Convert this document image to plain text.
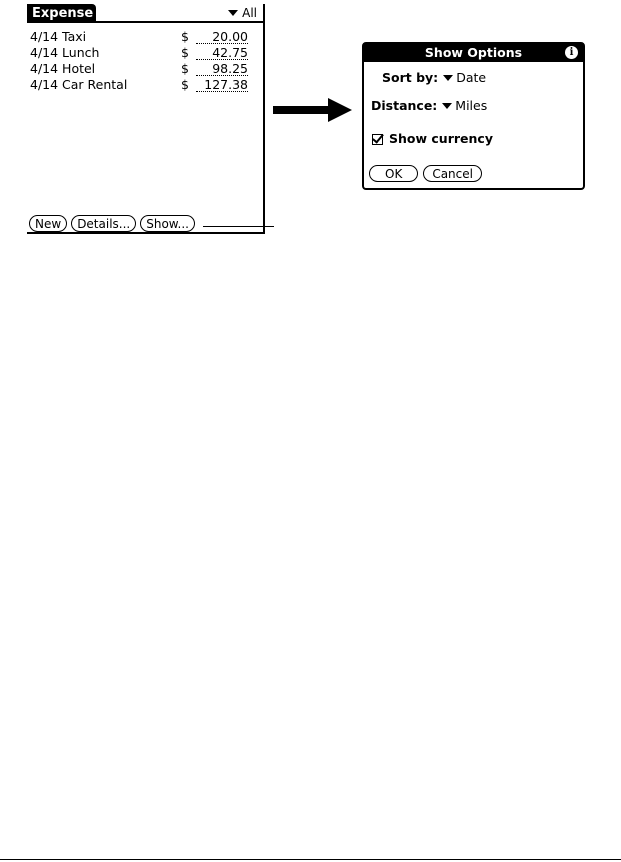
Expense	All
4/14 Taxi	$	20.00
4/14 Lunch	$	42.75
4/14 Hotel	$	98.25
4/14 Car Rental	$	127.38
New	Details...	Show...
Show Options	i
Sort by: Date
Distance: Miles
Show currency
OK	Cancel
